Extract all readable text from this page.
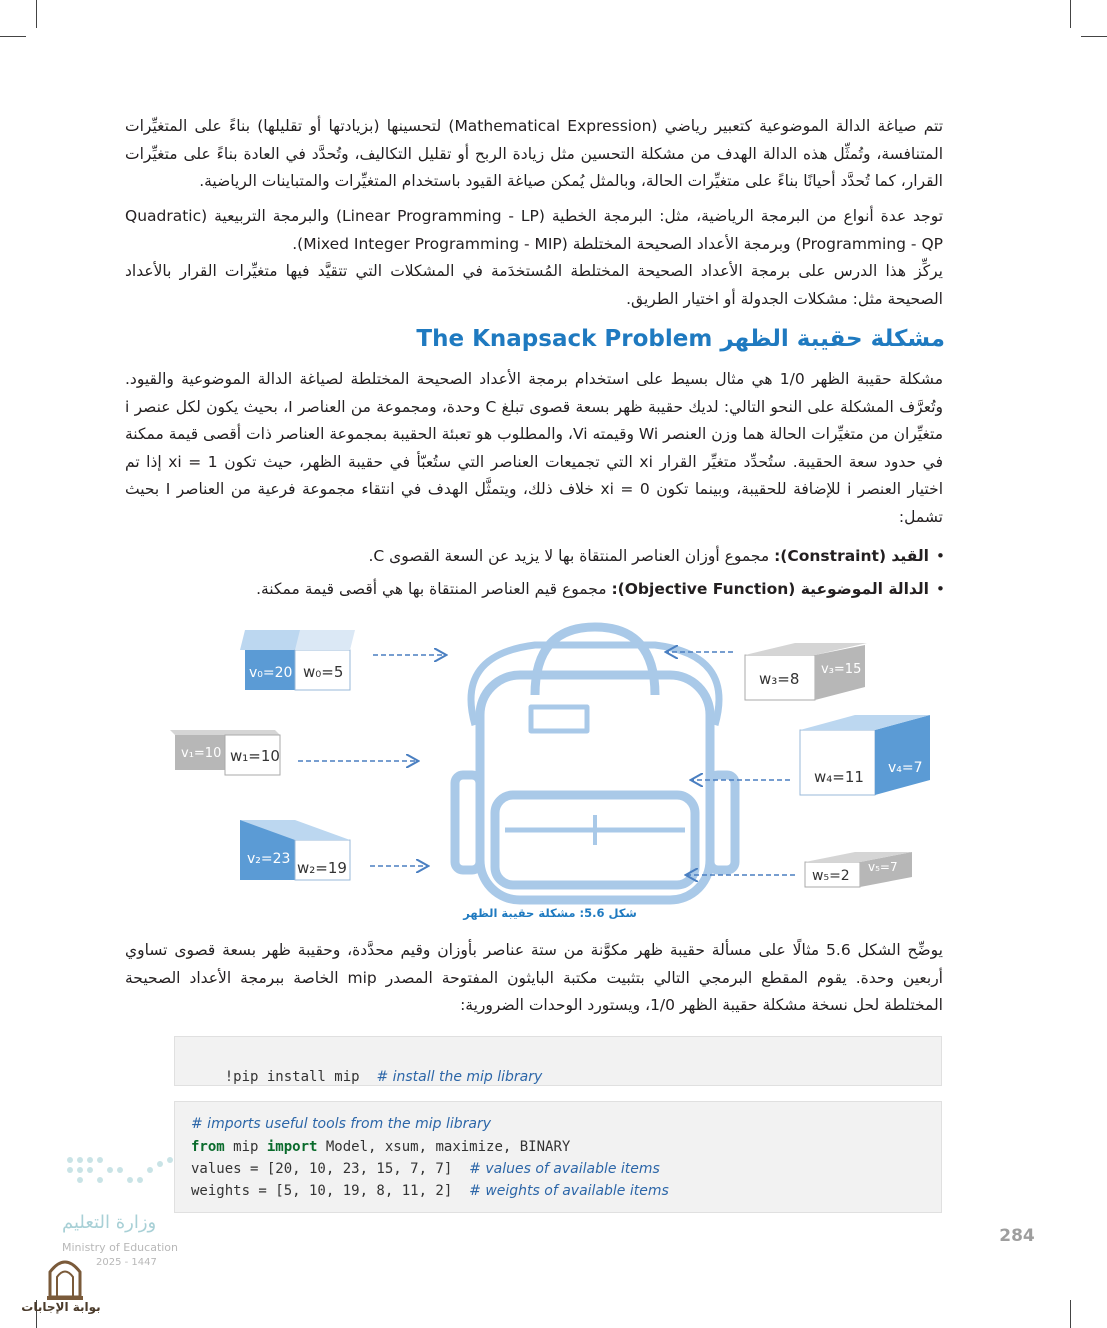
تتم صياغة الدالة الموضوعية كتعبير رياضي (Mathematical Expression) لتحسينها (بزيادتها أو تقليلها) بناءً على المتغيِّرات المتنافسة، وتُمثِّل هذه الدالة الهدف من مشكلة التحسين مثل زيادة الربح أو تقليل التكاليف، وتُحدَّد في العادة بناءً على متغيِّرات القرار، كما تُحدَّد أحيانًا بناءً على متغيِّرات الحالة، وبالمثل يُمكن صياغة القيود باستخدام المتغيِّرات والمتباينات الرياضية.

توجد عدة أنواع من البرمجة الرياضية، مثل: البرمجة الخطية (Linear Programming - LP) والبرمجة التربيعية (Quadratic Programming - QP) وبرمجة الأعداد الصحيحة المختلطة (Mixed Integer Programming - MIP).

يركِّز هذا الدرس على برمجة الأعداد الصحيحة المختلطة المُستخدَمة في المشكلات التي تتقيَّد فيها متغيِّرات القرار بالأعداد الصحيحة مثل: مشكلات الجدولة أو اختيار الطريق.

مشكلة حقيبة الظهر The Knapsack Problem

مشكلة حقيبة الظهر 1/0 هي مثال بسيط على استخدام برمجة الأعداد الصحيحة المختلطة لصياغة الدالة الموضوعية والقيود. وتُعرَّف المشكلة على النحو التالي: لديك حقيبة ظهر بسعة قصوى تبلغ C وحدة، ومجموعة من العناصر I، بحيث يكون لكل عنصر i متغيِّران من متغيِّرات الحالة هما وزن العنصر Wi وقيمته Vi، والمطلوب هو تعبئة الحقيبة بمجموعة العناصر ذات أقصى قيمة ممكنة في حدود سعة الحقيبة. ستُحدِّد متغيِّر القرار xi التي تجميعات العناصر التي ستُعبّأ في حقيبة الظهر، حيث تكون xi = 1 إذا تم اختيار العنصر i للإضافة للحقيبة، وبينما تكون xi = 0 خلاف ذلك، ويتمثَّل الهدف في انتقاء مجموعة فرعية من العناصر I بحيث تشمل:

• القيد (Constraint): مجموع أوزان العناصر المنتقاة بها لا يزيد عن السعة القصوى C.
• الدالة الموضوعية (Objective Function): مجموع قيم العناصر المنتقاة بها هي أقصى قيمة ممكنة.
v₀=20 w₀=5
v₁=10 w₁=10
v₂=23 w₂=19
w₃=8
v₃=15
w₄=11 v₄=7
w₅=2
v₅=7
شكل 5.6: مشكلة حقيبة الظهر

يوضِّح الشكل 5.6 مثالًا على مسألة حقيبة ظهر مكوَّنة من ستة عناصر بأوزان وقيم محدَّدة، وحقيبة ظهر بسعة قصوى تساوي أربعين وحدة. يقوم المقطع البرمجي التالي بتثبيت مكتبة البايثون المفتوحة المصدر mip الخاصة ببرمجة الأعداد الصحيحة المختلطة لحل نسخة مشكلة حقيبة الظهر 1/0، ويستورد الوحدات الضرورية:

!pip install mip # install the mip library

# imports useful tools from the mip library
from mip import Model, xsum, maximize, BINARY
values = [20, 10, 23, 15, 7, 7] # values of available items
weights = [5, 10, 19, 8, 11, 2] # weights of available items
284
وزارة التعليم
Ministry of Education
2025 - 1447
بوابة الإجابات
